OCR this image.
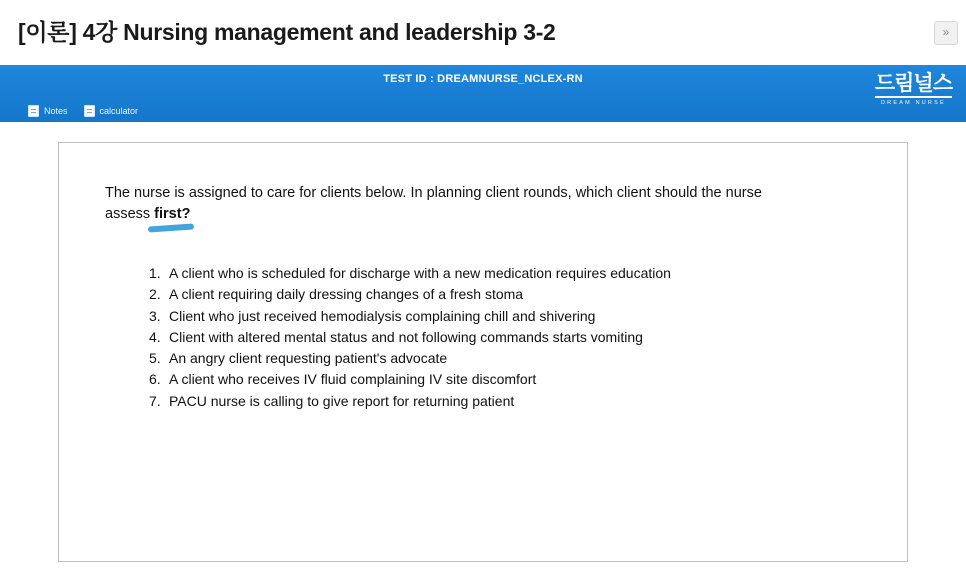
[이론] 4강 Nursing management and leadership 3-2	»
TEST ID : DREAMNURSE_NCLEX-RN	드림널스
DREAM NURSE
Notes	calculator
The nurse is assigned to care for clients below. In planning client rounds, which client should the nurse assess first?
1. A client who is scheduled for discharge with a new medication requires education
2. A client requiring daily dressing changes of a fresh stoma
3. Client who just received hemodialysis complaining chill and shivering
4. Client with altered mental status and not following commands starts vomiting
5. An angry client requesting patient's advocate
6. A client who receives IV fluid complaining IV site discomfort
7. PACU nurse is calling to give report for returning patient
